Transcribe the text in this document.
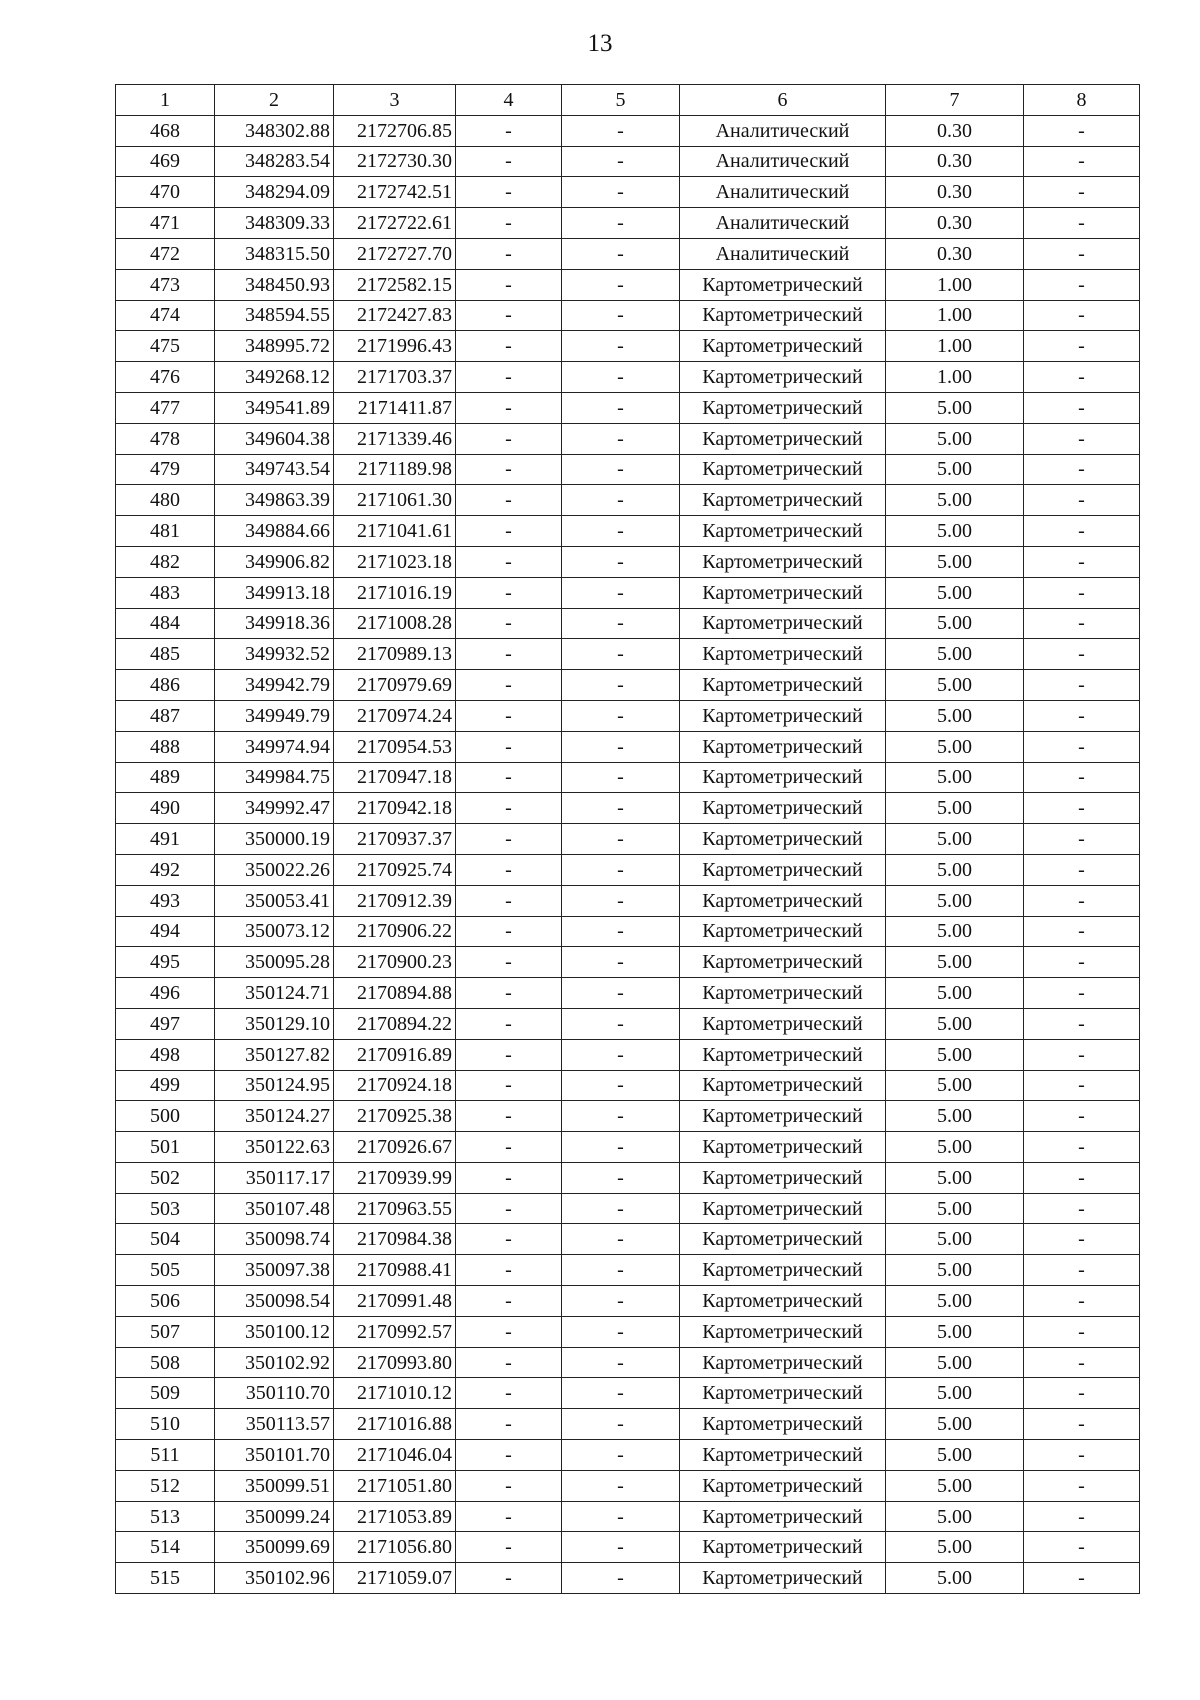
13
1	2	3	4	5	6	7	8
468	348302.88	2172706.85	-	-	Аналитический	0.30	-
469	348283.54	2172730.30	-	-	Аналитический	0.30	-
470	348294.09	2172742.51	-	-	Аналитический	0.30	-
471	348309.33	2172722.61	-	-	Аналитический	0.30	-
472	348315.50	2172727.70	-	-	Аналитический	0.30	-
473	348450.93	2172582.15	-	-	Картометрический	1.00	-
474	348594.55	2172427.83	-	-	Картометрический	1.00	-
475	348995.72	2171996.43	-	-	Картометрический	1.00	-
476	349268.12	2171703.37	-	-	Картометрический	1.00	-
477	349541.89	2171411.87	-	-	Картометрический	5.00	-
478	349604.38	2171339.46	-	-	Картометрический	5.00	-
479	349743.54	2171189.98	-	-	Картометрический	5.00	-
480	349863.39	2171061.30	-	-	Картометрический	5.00	-
481	349884.66	2171041.61	-	-	Картометрический	5.00	-
482	349906.82	2171023.18	-	-	Картометрический	5.00	-
483	349913.18	2171016.19	-	-	Картометрический	5.00	-
484	349918.36	2171008.28	-	-	Картометрический	5.00	-
485	349932.52	2170989.13	-	-	Картометрический	5.00	-
486	349942.79	2170979.69	-	-	Картометрический	5.00	-
487	349949.79	2170974.24	-	-	Картометрический	5.00	-
488	349974.94	2170954.53	-	-	Картометрический	5.00	-
489	349984.75	2170947.18	-	-	Картометрический	5.00	-
490	349992.47	2170942.18	-	-	Картометрический	5.00	-
491	350000.19	2170937.37	-	-	Картометрический	5.00	-
492	350022.26	2170925.74	-	-	Картометрический	5.00	-
493	350053.41	2170912.39	-	-	Картометрический	5.00	-
494	350073.12	2170906.22	-	-	Картометрический	5.00	-
495	350095.28	2170900.23	-	-	Картометрический	5.00	-
496	350124.71	2170894.88	-	-	Картометрический	5.00	-
497	350129.10	2170894.22	-	-	Картометрический	5.00	-
498	350127.82	2170916.89	-	-	Картометрический	5.00	-
499	350124.95	2170924.18	-	-	Картометрический	5.00	-
500	350124.27	2170925.38	-	-	Картометрический	5.00	-
501	350122.63	2170926.67	-	-	Картометрический	5.00	-
502	350117.17	2170939.99	-	-	Картометрический	5.00	-
503	350107.48	2170963.55	-	-	Картометрический	5.00	-
504	350098.74	2170984.38	-	-	Картометрический	5.00	-
505	350097.38	2170988.41	-	-	Картометрический	5.00	-
506	350098.54	2170991.48	-	-	Картометрический	5.00	-
507	350100.12	2170992.57	-	-	Картометрический	5.00	-
508	350102.92	2170993.80	-	-	Картометрический	5.00	-
509	350110.70	2171010.12	-	-	Картометрический	5.00	-
510	350113.57	2171016.88	-	-	Картометрический	5.00	-
511	350101.70	2171046.04	-	-	Картометрический	5.00	-
512	350099.51	2171051.80	-	-	Картометрический	5.00	-
513	350099.24	2171053.89	-	-	Картометрический	5.00	-
514	350099.69	2171056.80	-	-	Картометрический	5.00	-
515	350102.96	2171059.07	-	-	Картометрический	5.00	-
